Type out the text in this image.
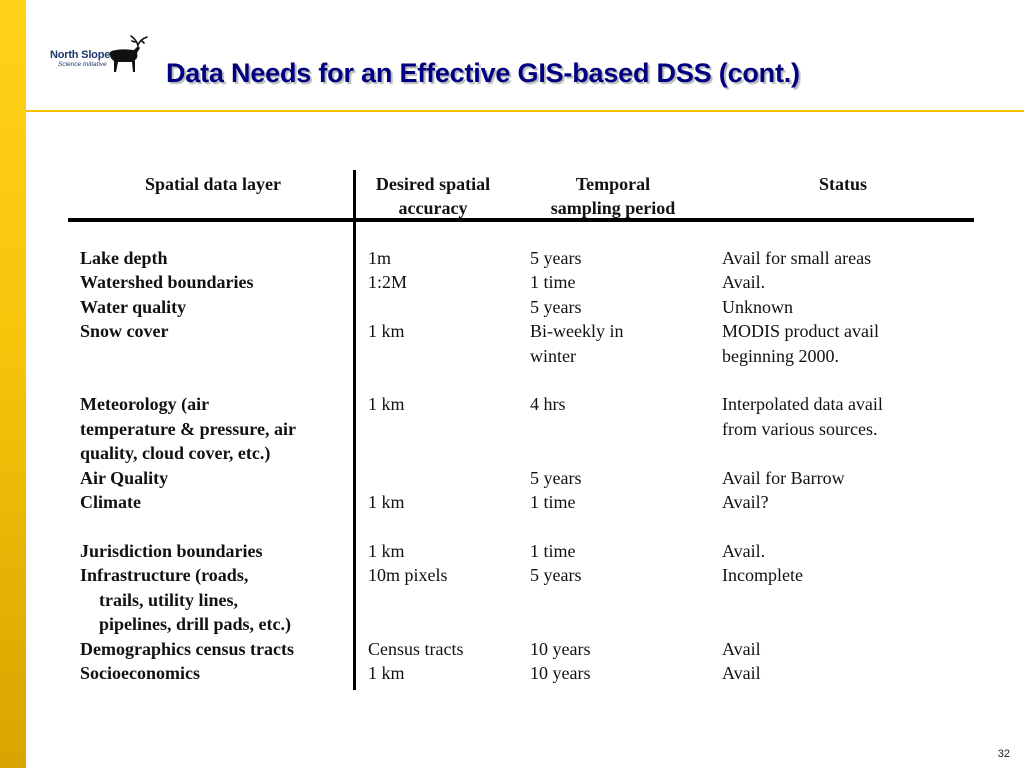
North Slope
Science Initiative Data Needs for an Effective GIS-based DSS (cont.)
Spatial data layer	Desired spatial
accuracy
Temporal
sampling period
Status
Lake depth
Watershed boundaries
Water quality
Snow cover

Meteorology (air
temperature & pressure, air
quality, cloud cover, etc.)
Air Quality
Climate

Jurisdiction boundaries
Infrastructure (roads,
trails, utility lines,
pipelines, drill pads, etc.)
Demographics census tracts
Socioeconomics
1m
1:2M

1 km

1 km

1 km

1 km
10m pixels

Census tracts
1 km
5 years
1 time
5 years
Bi-weekly in
winter

4 hrs

5 years
1 time

1 time
5 years

10 years
10 years
Avail for small areas
Avail.
Unknown
MODIS product avail
beginning 2000.

Interpolated data avail
from various sources.

Avail for Barrow
Avail?

Avail.
Incomplete

Avail
Avail
32
